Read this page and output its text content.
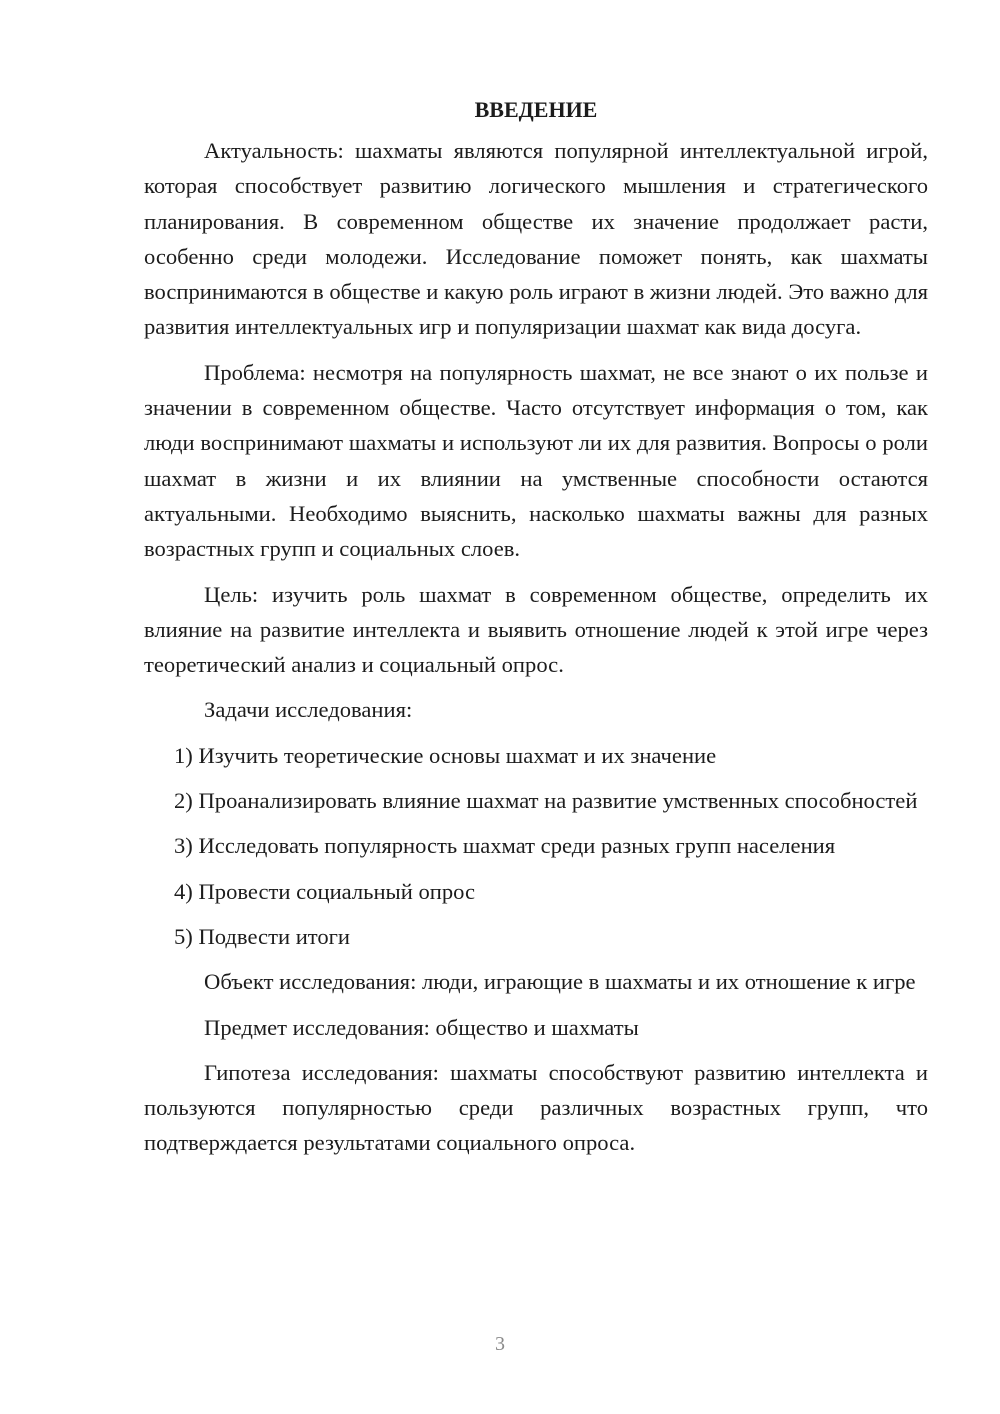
ВВЕДЕНИЕ

Актуальность: шахматы являются популярной интеллектуальной игрой, которая способствует развитию логического мышления и стратегического планирования. В современном обществе их значение продолжает расти, особенно среди молодежи. Исследование поможет понять, как шахматы воспринимаются в обществе и какую роль играют в жизни людей. Это важно для развития интеллектуальных игр и популяризации шахмат как вида досуга.

Проблема: несмотря на популярность шахмат, не все знают о их пользе и значении в современном обществе. Часто отсутствует информация о том, как люди воспринимают шахматы и используют ли их для развития. Вопросы о роли шахмат в жизни и их влиянии на умственные способности остаются актуальными. Необходимо выяснить, насколько шахматы важны для разных возрастных групп и социальных слоев.

Цель: изучить роль шахмат в современном обществе, определить их влияние на развитие интеллекта и выявить отношение людей к этой игре через теоретический анализ и социальный опрос.

Задачи исследования:

1) Изучить теоретические основы шахмат и их значение

2) Проанализировать влияние шахмат на развитие умственных способностей

3) Исследовать популярность шахмат среди разных групп населения

4) Провести социальный опрос

5) Подвести итоги

Объект исследования: люди, играющие в шахматы и их отношение к игре

Предмет исследования: общество и шахматы

Гипотеза исследования: шахматы способствуют развитию интеллекта и пользуются популярностью среди различных возрастных групп, что подтверждается результатами социального опроса.

3
